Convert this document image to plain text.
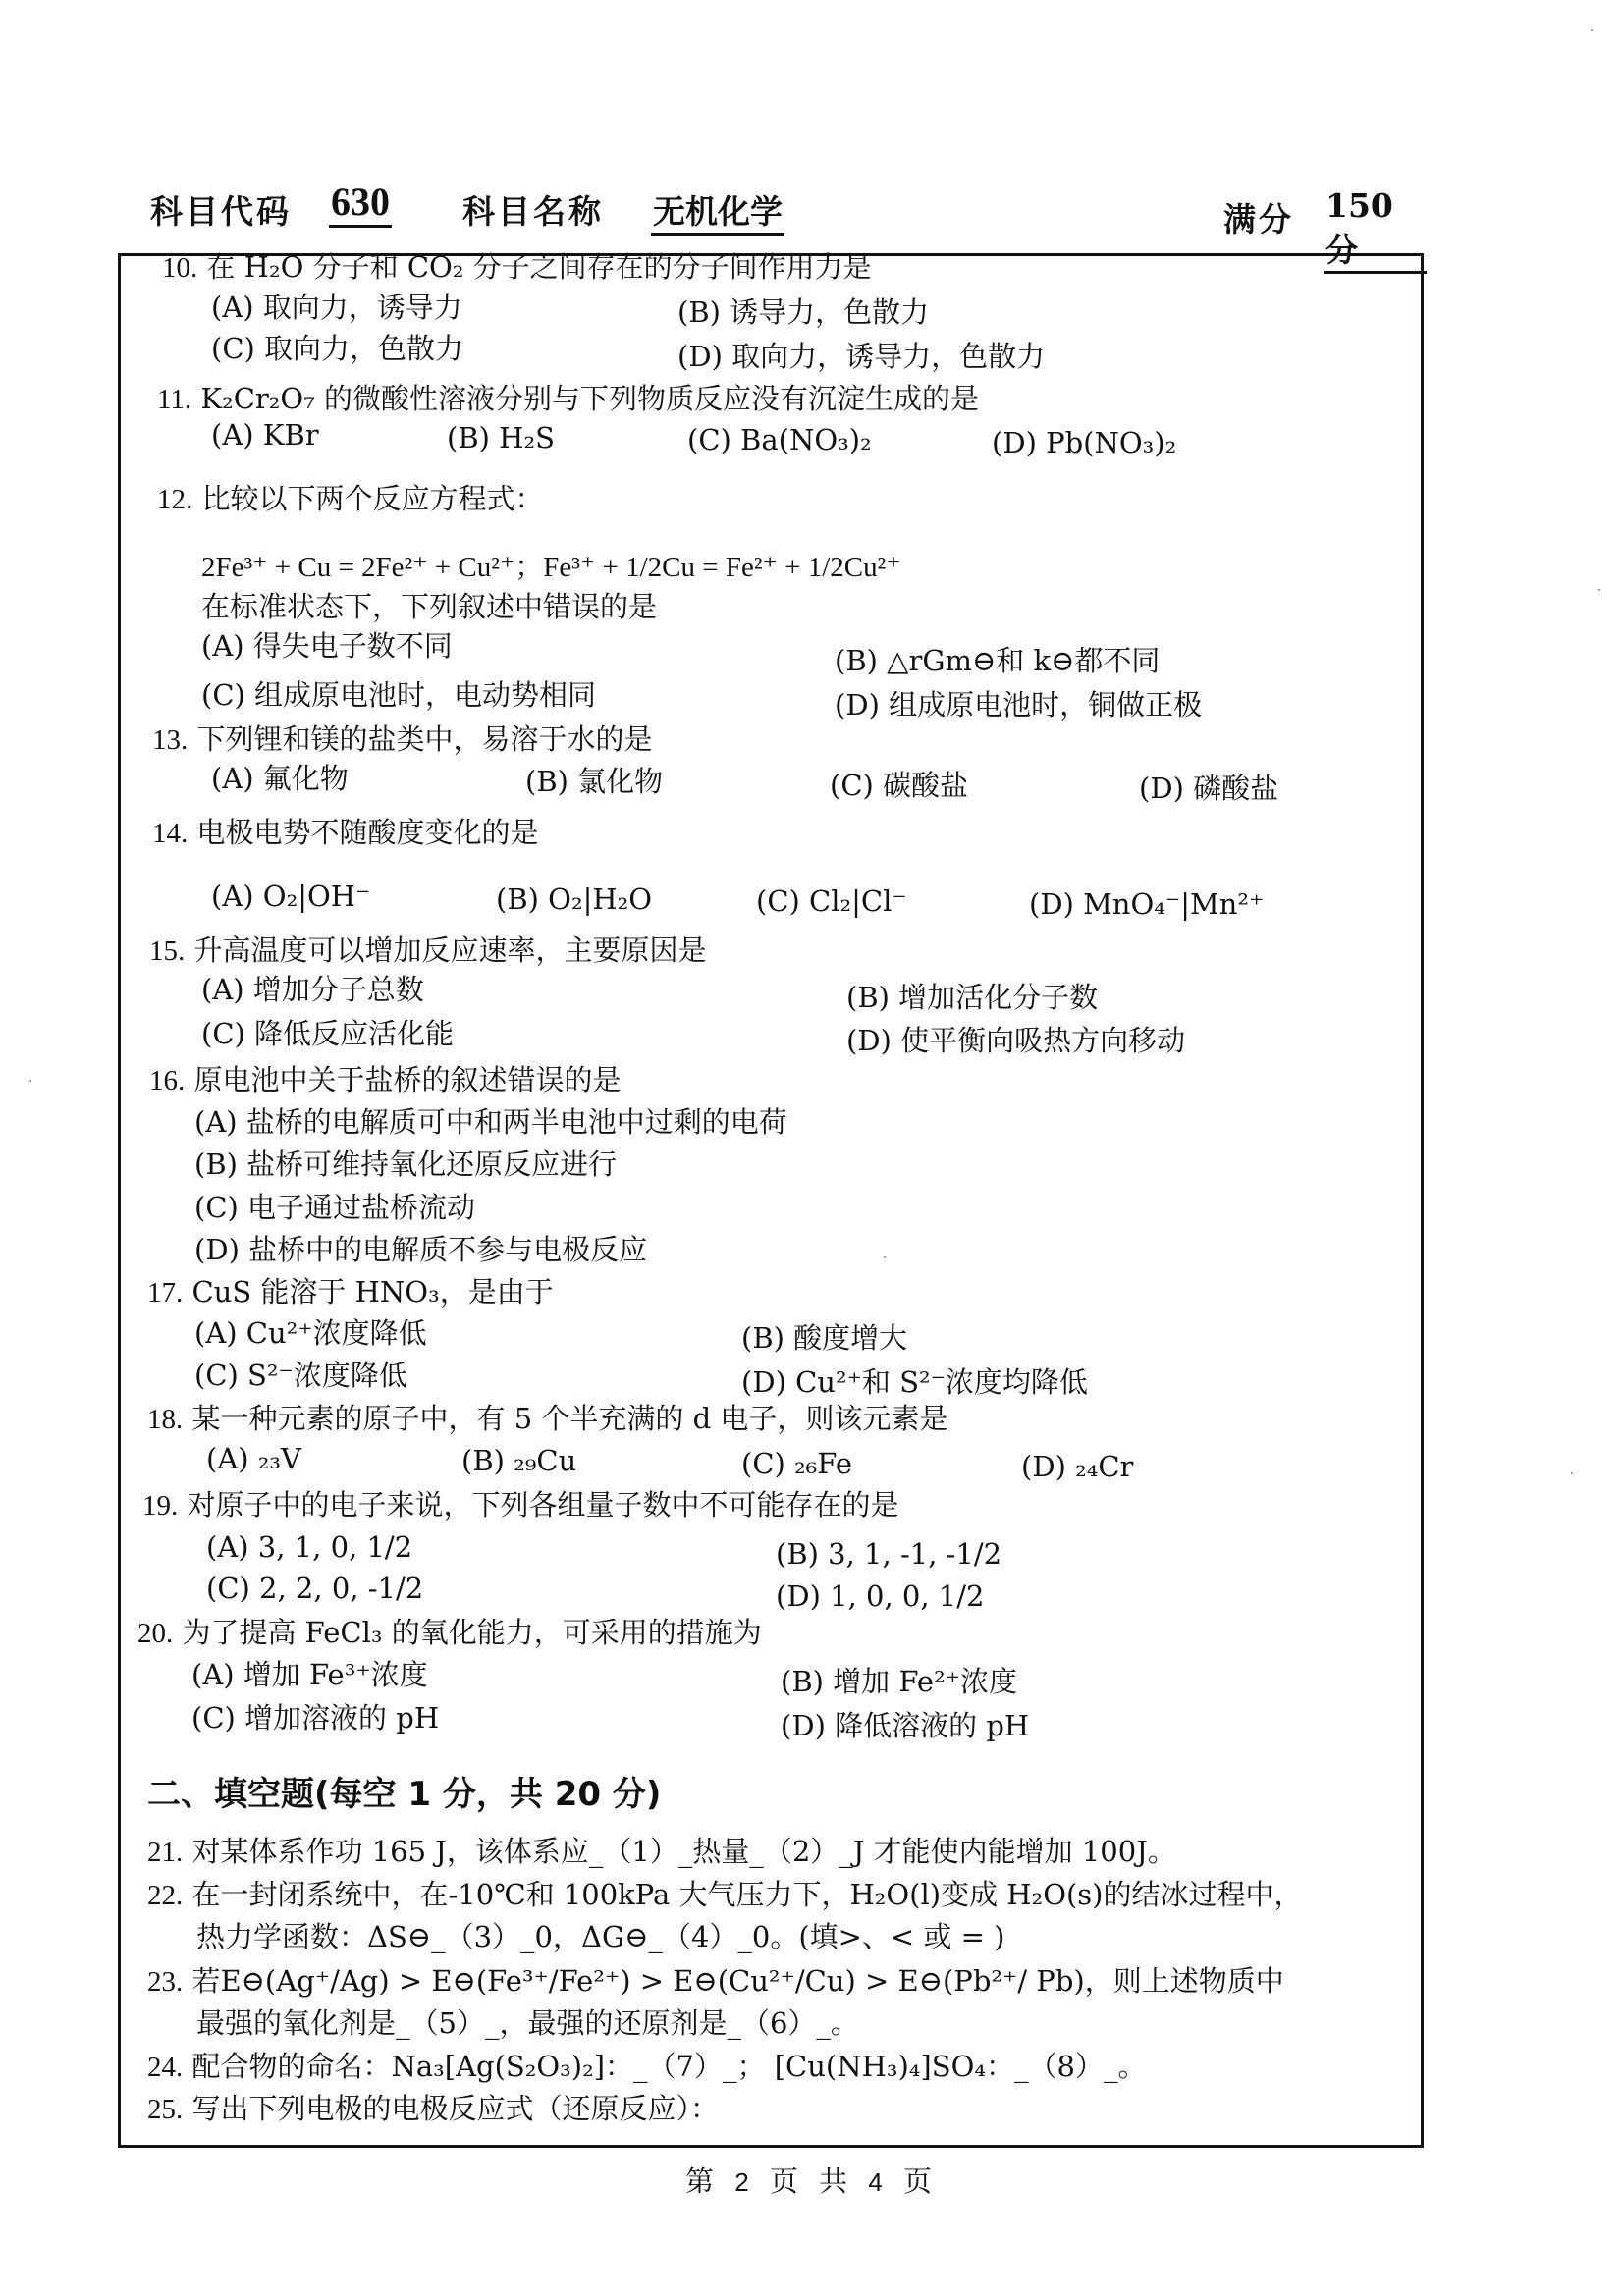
科目代码 630 科目名称 无机化学	满分 150 分
10. 在 H₂O 分子和 CO₂ 分子之间存在的分子间作用力是
(A) 取向力，诱导力	(B) 诱导力，色散力
(C) 取向力，色散力	(D) 取向力，诱导力，色散力
11. K₂Cr₂O₇ 的微酸性溶液分别与下列物质反应没有沉淀生成的是
(A) KBr	(B) H₂S	(C) Ba(NO₃)₂	(D) Pb(NO₃)₂
12. 比较以下两个反应方程式：
2Fe³⁺ + Cu = 2Fe²⁺ + Cu²⁺；Fe³⁺ + 1/2Cu = Fe²⁺ + 1/2Cu²⁺
在标准状态下，下列叙述中错误的是
(A) 得失电子数不同	(B) △rGm⊖和 k⊖都不同
(C) 组成原电池时，电动势相同	(D) 组成原电池时，铜做正极
13. 下列锂和镁的盐类中，易溶于水的是
(A) 氟化物	(B) 氯化物	(C) 碳酸盐	(D) 磷酸盐
14. 电极电势不随酸度变化的是
(A) O₂|OH⁻	(B) O₂|H₂O	(C) Cl₂|Cl⁻	(D) MnO₄⁻|Mn²⁺
15. 升高温度可以增加反应速率，主要原因是
(A) 增加分子总数	(B) 增加活化分子数
(C) 降低反应活化能	(D) 使平衡向吸热方向移动
16. 原电池中关于盐桥的叙述错误的是
(A) 盐桥的电解质可中和两半电池中过剩的电荷
(B) 盐桥可维持氧化还原反应进行
(C) 电子通过盐桥流动
(D) 盐桥中的电解质不参与电极反应
17. CuS 能溶于 HNO₃，是由于
(A) Cu²⁺浓度降低	(B) 酸度增大
(C) S²⁻浓度降低	(D) Cu²⁺和 S²⁻浓度均降低
18. 某一种元素的原子中，有 5 个半充满的 d 电子，则该元素是
(A) ₂₃V	(B) ₂₉Cu	(C) ₂₆Fe	(D) ₂₄Cr
19. 对原子中的电子来说，下列各组量子数中不可能存在的是
(A) 3, 1, 0, 1/2	(B) 3, 1, -1, -1/2
(C) 2, 2, 0, -1/2	(D) 1, 0, 0, 1/2
20. 为了提高 FeCl₃ 的氧化能力，可采用的措施为
(A) 增加 Fe³⁺浓度	(B) 增加 Fe²⁺浓度
(C) 增加溶液的 pH	(D) 降低溶液的 pH
二、填空题(每空 1 分，共 20 分)
21. 对某体系作功 165 J，该体系应_（1）_热量_（2）_J 才能使内能增加 100J。
22. 在一封闭系统中，在-10℃和 100kPa 大气压力下，H₂O(l)变成 H₂O(s)的结冰过程中，
热力学函数：ΔS⊖_（3）_0，ΔG⊖_（4）_0。(填>、< 或 = )
23. 若E⊖(Ag⁺/Ag) > E⊖(Fe³⁺/Fe²⁺) > E⊖(Cu²⁺/Cu) > E⊖(Pb²⁺/ Pb)，则上述物质中
最强的氧化剂是_（5）_，最强的还原剂是_（6）_。
24. 配合物的命名：Na₃[Ag(S₂O₃)₂]：_（7）_； [Cu(NH₃)₄]SO₄：_（8）_。
25. 写出下列电极的电极反应式（还原反应）：
第 2 页 共 4 页
